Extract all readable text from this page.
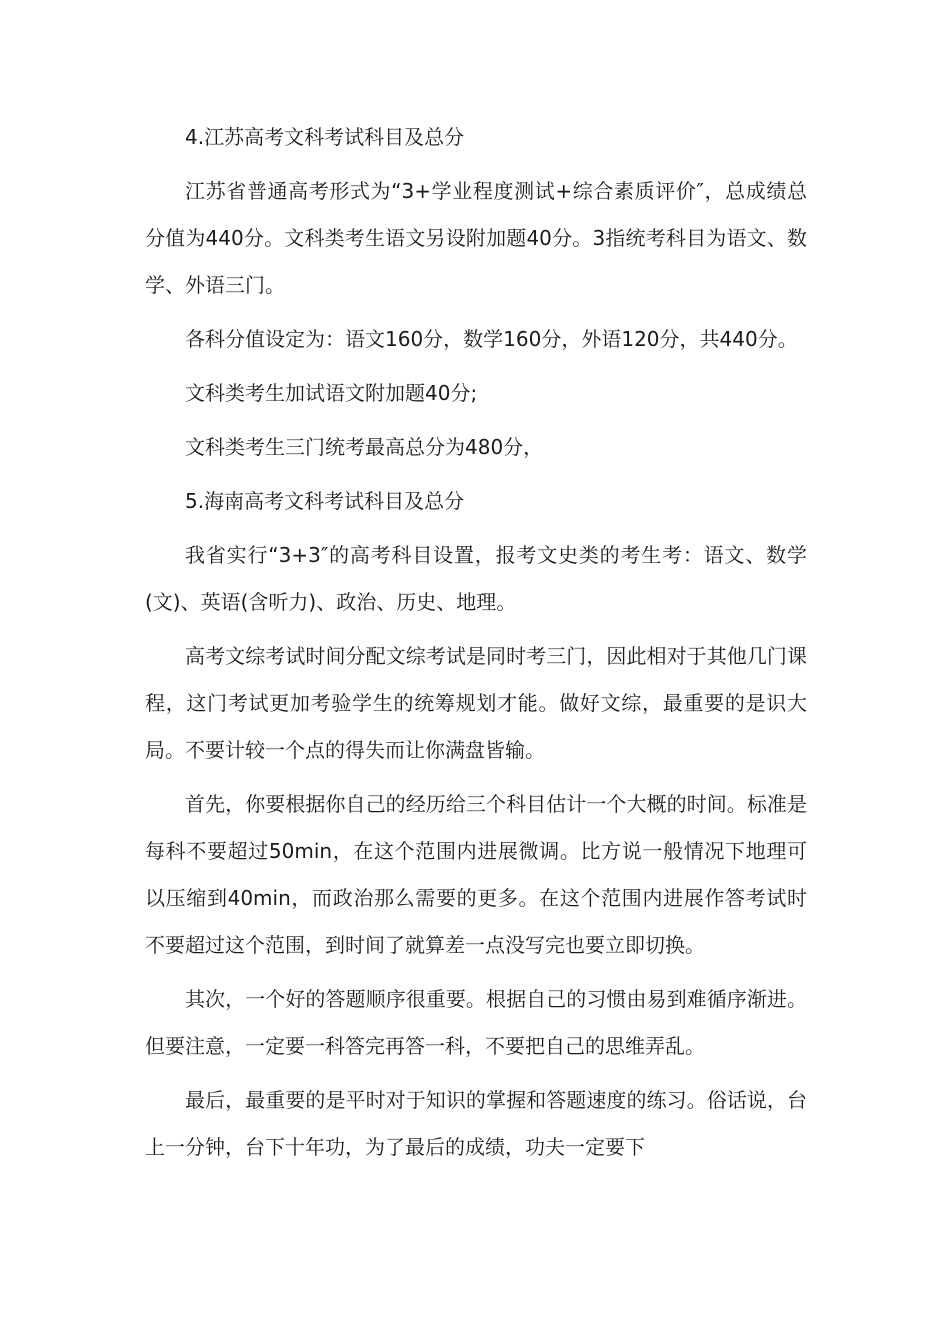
4.江苏高考文科考试科目及总分

江苏省普通高考形式为“3+学业程度测试+综合素质评价″，总成绩总分值为440分。文科类考生语文另设附加题40分。3指统考科目为语文、数学、外语三门。

各科分值设定为：语文160分，数学160分，外语120分，共440分。

文科类考生加试语文附加题40分;

文科类考生三门统考最高总分为480分，

5.海南高考文科考试科目及总分

我省实行“3+3″的高考科目设置，报考文史类的考生考：语文、数学(文)、英语(含听力)、政治、历史、地理。

高考文综考试时间分配文综考试是同时考三门，因此相对于其他几门课程，这门考试更加考验学生的统筹规划才能。做好文综，最重要的是识大局。不要计较一个点的得失而让你满盘皆输。

首先，你要根据你自己的经历给三个科目估计一个大概的时间。标准是每科不要超过50min，在这个范围内进展微调。比方说一般情况下地理可以压缩到40min，而政治那么需要的更多。在这个范围内进展作答考试时不要超过这个范围，到时间了就算差一点没写完也要立即切换。

其次，一个好的答题顺序很重要。根据自己的习惯由易到难循序渐进。但要注意，一定要一科答完再答一科，不要把自己的思维弄乱。

最后，最重要的是平时对于知识的掌握和答题速度的练习。俗话说，台上一分钟，台下十年功，为了最后的成绩，功夫一定要下
